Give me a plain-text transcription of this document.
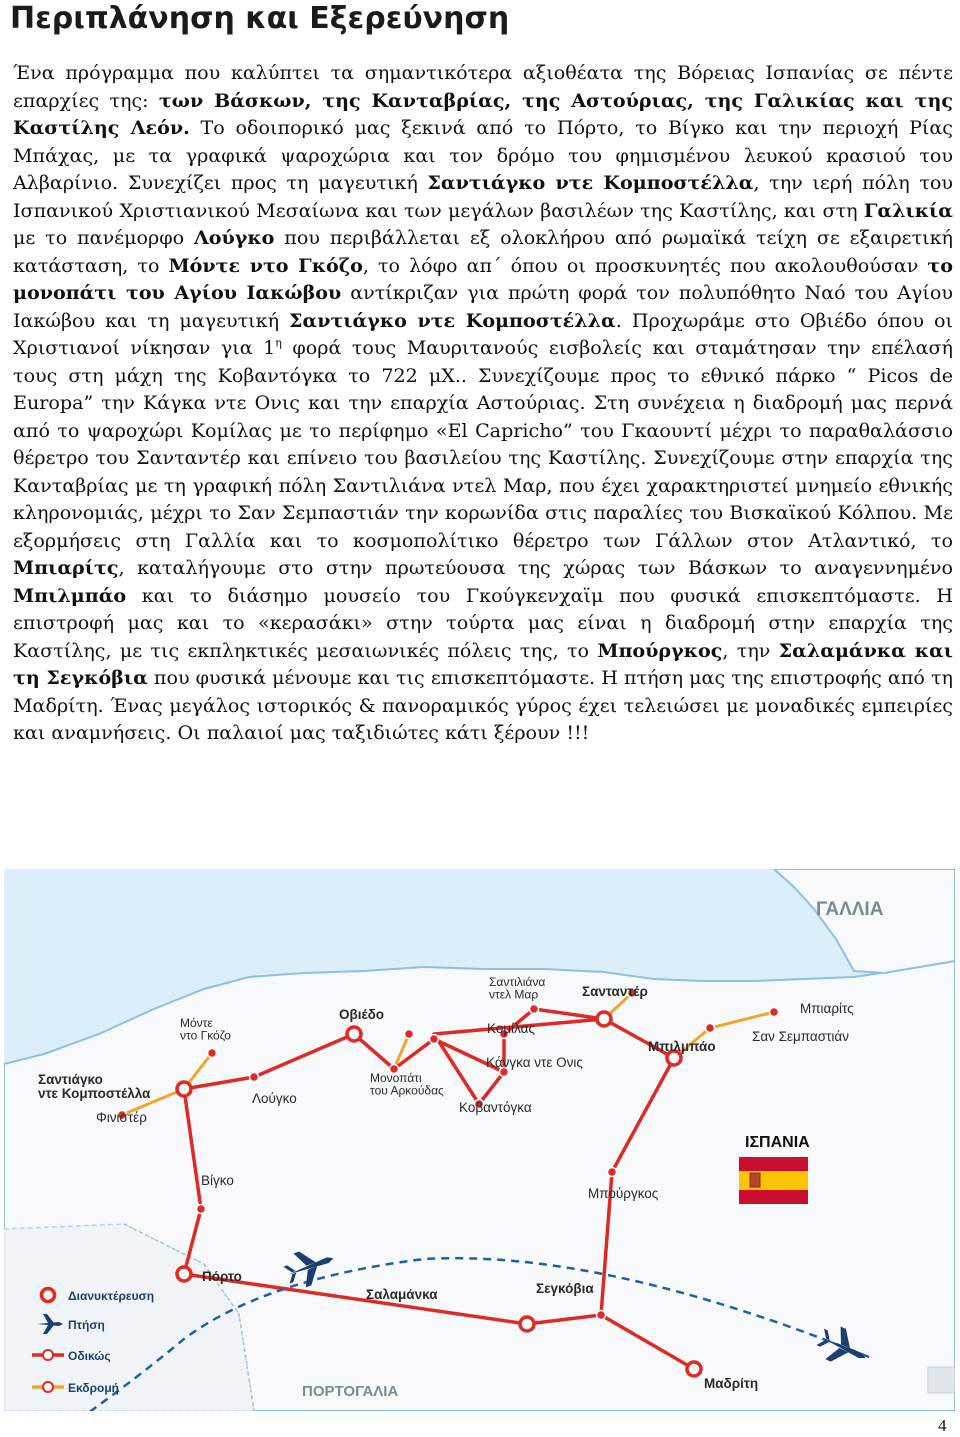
Περιπλάνηση και Εξερεύνηση

Ένα πρόγραμμα που καλύπτει τα σημαντικότερα αξιοθέατα της Βόρειας Ισπανίας σε πέντε επαρχίες της: των Βάσκων, της Κανταβρίας, της Αστούριας, της Γαλικίας και της Καστίλης Λεόν. Το οδοιπορικό μας ξεκινά από το Πόρτο, το Βίγκο και την περιοχή Ρίας Μπάχας, με τα γραφικά ψαροχώρια και τον δρόμο του φημισμένου λευκού κρασιού του Αλβαρίνιο. Συνεχίζει προς τη μαγευτική Σαντιάγκο ντε Κομποστέλλα, την ιερή πόλη του Ισπανικού Χριστιανικού Μεσαίωνα και των μεγάλων βασιλέων της Καστίλης, και στη Γαλικία με το πανέμορφο Λούγκο που περιβάλλεται εξ ολοκλήρου από ρωμαϊκά τείχη σε εξαιρετική κατάσταση, το Μόντε ντο Γκόζο, το λόφο απ΄ όπου οι προσκυνητές που ακολουθούσαν το μονοπάτι του Αγίου Ιακώβου αντίκριζαν για πρώτη φορά τον πολυπόθητο Ναό του Αγίου Ιακώβου και τη μαγευτική Σαντιάγκο ντε Κομποστέλλα. Προχωράμε στο Οβιέδο όπου οι Χριστιανοί νίκησαν για $1^\eta$ φορά τους Μαυριτανούς εισβολείς και σταμάτησαν την επέλασή τους στη μάχη της Κοβαντόγκα το 722 μΧ.. Συνεχίζουμε προς το εθνικό πάρκο “ Picos de Europa” την Κάγκα ντε Ονις και την επαρχία Αστούριας. Στη συνέχεια η διαδρομή μας περνά από το ψαροχώρι Κομίλας με το περίφημο «El Capricho” του Γκαουντί μέχρι το παραθαλάσσιο θέρετρο του Σανταντέρ και επίνειο του βασιλείου της Καστίλης. Συνεχίζουμε στην επαρχία της Κανταβρίας με τη γραφική πόλη Σαντιλιάνα ντελ Μαρ, που έχει χαρακτηριστεί μνημείο εθνικής κληρονομιάς, μέχρι το Σαν Σεμπαστιάν την κορωνίδα στις παραλίες του Βισκαϊκού Κόλπου. Με εξορμήσεις στη Γαλλία και το κοσμοπολίτικο θέρετρο των Γάλλων στον Ατλαντικό, το Μπιαρίτς, καταλήγουμε στο στην πρωτεύουσα της χώρας των Βάσκων το αναγεννημένο Μπιλμπάο και το διάσημο μουσείο του Γκούγκενχαϊμ που φυσικά επισκεπτόμαστε. Η επιστροφή μας και το «κερασάκι» στην τούρτα μας είναι η διαδρομή στην επαρχία της Καστίλης, με τις εκπληκτικές μεσαιωνικές πόλεις της, το Μπούργκος, την Σαλαμάνκα και τη Σεγκόβια που φυσικά μένουμε και τις επισκεπτόμαστε. Η πτήση μας της επιστροφής από τη Μαδρίτη. Ένας μεγάλος ιστορικός & πανοραμικός γύρος έχει τελειώσει με μοναδικές εμπειρίες και αναμνήσεις. Οι παλαιοί μας ταξιδιώτες κάτι ξέρουν !!!

ΓΑΛΛΙΑ
ΙΣΠΑΝΙΑ
ΠΟΡΤΟΓΑΛΙΑ
Σαντιάγκο ντε Κομποστέλλα
Μόντε ντο Γκόζο
Φινιστέρ
Λούγκο
Βίγκο
Πόρτο
Οβιέδο
Μονοπάτι του Αρκούδας
Κοβαντόγκα
Σαντιλιάνα ντελ Μαρ
Κομίλας
Κάνγκα ντε Ονις
Σανταντέρ
Μπιλμπάο
Μπιαρίτς
Σαν Σεμπαστιάν
Μπούργκος
Σεγκόβια
Σαλαμάνκα
Μαδρίτη
Διανυκτέρευση
Πτήση
Οδικώς
Εκδρομή
4
